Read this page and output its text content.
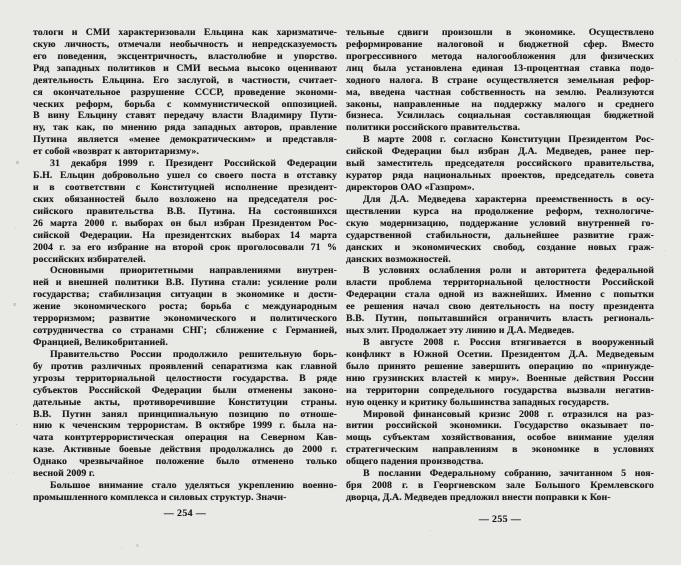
тологи и СМИ характеризовали Ельцина как харизматиче-
скую личность, отмечали необычность и непредсказуемость
его поведения, эксцентричность, властолюбие и упорство.
Ряд западных политиков и СМИ весьма высоко оценивают
деятельность Ельцина. Его заслугой, в частности, считает-
ся окончательное разрушение СССР, проведение экономи-
ческих реформ, борьба с коммунистической оппозицией.
В вину Ельцину ставят передачу власти Владимиру Пути-
ну, так как, по мнению ряда западных авторов, правление
Путина является «менее демократическим» и представля-
ет собой «возврат к авторитаризму».
31 декабря 1999 г. Президент Российской Федерации
Б.Н. Ельцин добровольно ушел со своего поста в отставку
и в соответствии с Конституцией исполнение президент-
ских обязанностей было возложено на председателя рос-
сийского правительства В.В. Путина. На состоявшихся
26 марта 2000 г. выборах он был избран Президентом Рос-
сийской Федерации. На президентских выборах 14 марта
2004 г. за его избрание на второй срок проголосовали 71 %
российских избирателей.
Основными приоритетными направлениями внутрен-
ней и внешней политики В.В. Путина стали: усиление роли
государства; стабилизация ситуации в экономике и дости-
жение экономического роста; борьба с международным
терроризмом; развитие экономического и политического
сотрудничества со странами СНГ; сближение с Германией,
Францией, Великобританией.
Правительство России продолжило решительную борь-
бу против различных проявлений сепаратизма как главной
угрозы территориальной целостности государства. В ряде
субъектов Российской Федерации были отменены законо-
дательные акты, противоречившие Конституции страны.
В.В. Путин занял принципиальную позицию по отноше-
нию к чеченским террористам. В октябре 1999 г. была на-
чата контртеррористическая операция на Северном Кав-
казе. Активные боевые действия продолжались до 2000 г.
Однако чрезвычайное положение было отменено только
весной 2009 г.
Большое внимание стало уделяться укреплению военно-
промышленного комплекса и силовых структур. Значи-
— 254 —
тельные сдвиги произошли в экономике. Осуществлено
реформирование налоговой и бюджетной сфер. Вместо
прогрессивного метода налогообложения для физических
лиц была установлена единая 13-процентная ставка подо-
ходного налога. В стране осуществляется земельная рефор-
ма, введена частная собственность на землю. Реализуются
законы, направленные на поддержку малого и среднего
бизнеса. Усилилась социальная составляющая бюджетной
политики российского правительства.
В марте 2008 г. согласно Конституции Президентом Рос-
сийской Федерации был избран Д.А. Медведев, ранее пер-
вый заместитель председателя российского правительства,
куратор ряда национальных проектов, председатель совета
директоров ОАО «Газпром».
Для Д.А. Медведева характерна преемственность в осу-
ществлении курса на продолжение реформ, технологиче-
скую модернизацию, поддержание условий внутренней го-
сударственной стабильности, дальнейшее развитие граж-
данских и экономических свобод, создание новых граж-
данских возможностей.
В условиях ослабления роли и авторитета федеральной
власти проблема территориальной целостности Российской
Федерации стала одной из важнейших. Именно с попытки
ее решения начал свою деятельность на посту президента
В.В. Путин, попытавшийся ограничить власть региональ-
ных элит. Продолжает эту линию и Д.А. Медведев.
В августе 2008 г. Россия втягивается в вооруженный
конфликт в Южной Осетии. Президентом Д.А. Медведевым
было принято решение завершить операцию по «принужде-
нию грузинских властей к миру». Военные действия России
на территории сопредельного государства вызвали негатив-
ную оценку и критику большинства западных государств.
Мировой финансовый кризис 2008 г. отразился на раз-
витии российской экономики. Государство оказывает по-
мощь субъектам хозяйствования, особое внимание уделяя
стратегическим направлениям в экономике в условиях
общего падения производства.
В послании Федеральному собранию, зачитанном 5 ноя-
бря 2008 г. в Георгиевском зале Большого Кремлевского
дворца, Д.А. Медведев предложил внести поправки к Кон-
— 255 —
